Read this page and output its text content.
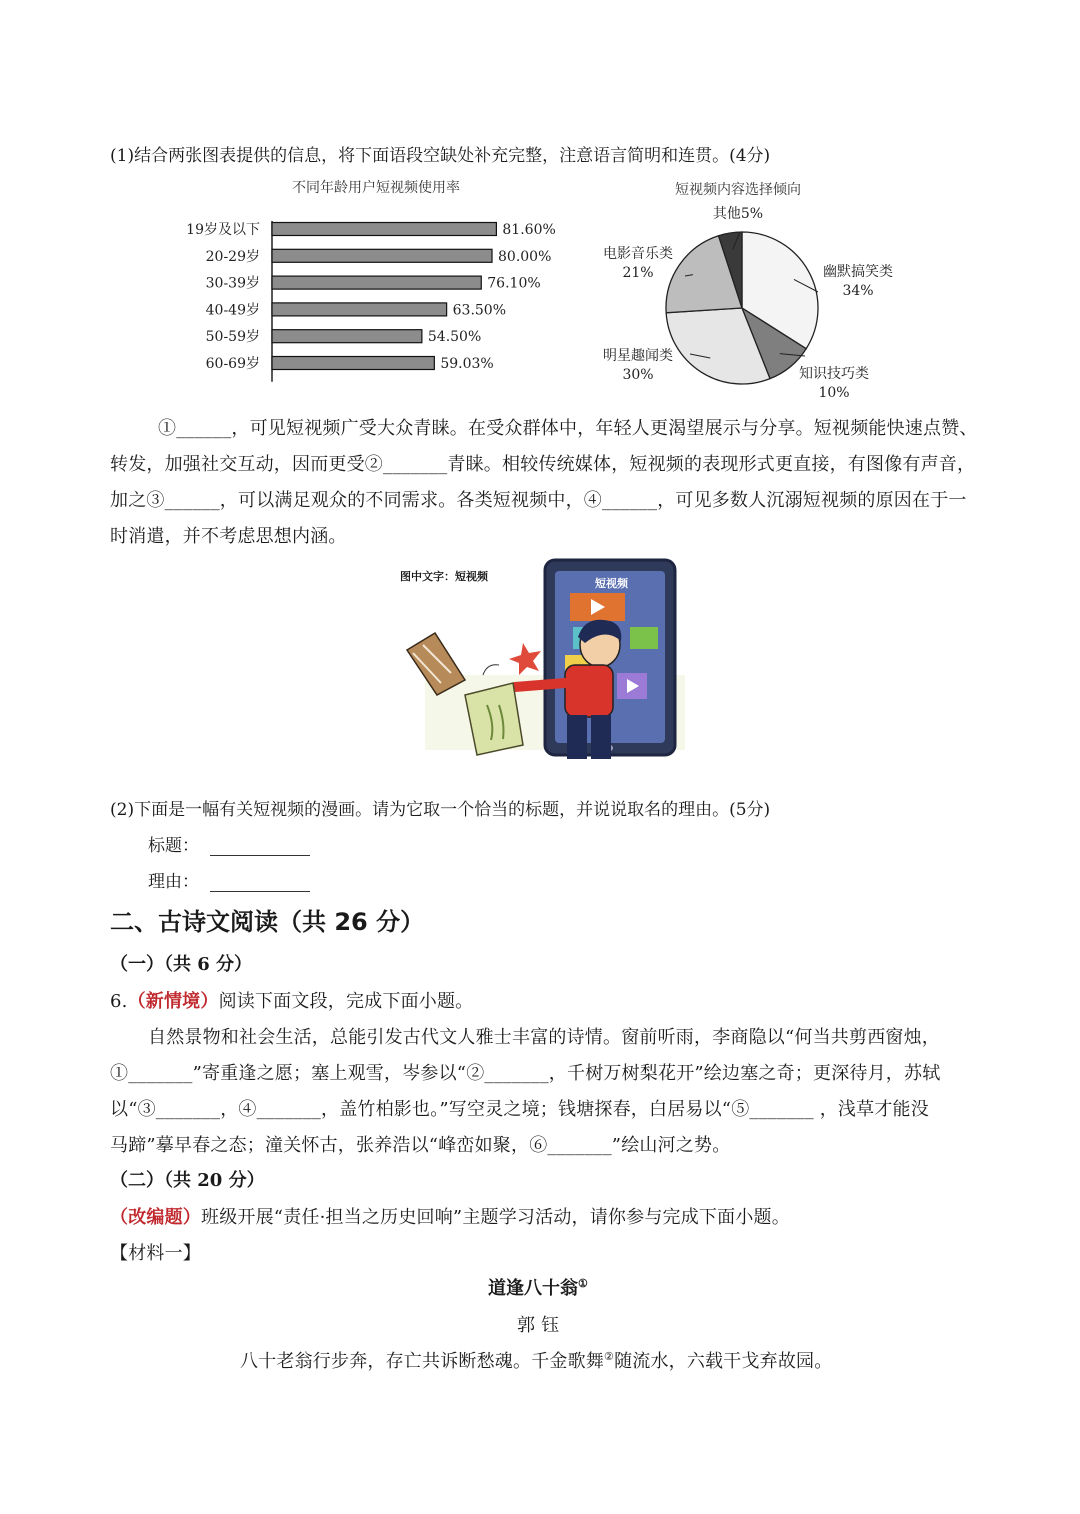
(1)结合两张图表提供的信息，将下面语段空缺处补充完整，注意语言简明和连贯。(4分)
不同年龄用户短视频使用率
19岁及以下	81.60%
20-29岁	80.00%
30-39岁	76.10%
40-49岁	63.50%
50-59岁	54.50%
60-69岁	59.03%
短视频内容选择倾向
幽默搞笑类
34%
知识技巧类
10%
明星趣闻类
30%
电影音乐类
21%
其他5%
①______，可见短视频广受大众青睐。在受众群体中，年轻人更渴望展示与分享。短视频能快速点赞、
转发，加强社交互动，因而更受②_______青睐。相较传统媒体，短视频的表现形式更直接，有图像有声音，
加之③______，可以满足观众的不同需求。各类短视频中，④______，可见多数人沉溺短视频的原因在于一
时消遣，并不考虑思想内涵。
图中文字：短视频
短视频
(2)下面是一幅有关短视频的漫画。请为它取一个恰当的标题，并说说取名的理由。(5分)
标题：
理由：
二、古诗文阅读（共 26 分）
（一）（共 6 分）
6.（新情境）阅读下面文段，完成下面小题。
自然景物和社会生活，总能引发古代文人雅士丰富的诗情。窗前听雨，李商隐以“何当共剪西窗烛，
①_______”寄重逢之愿；塞上观雪，岑参以“②_______，千树万树梨花开”绘边塞之奇；更深待月，苏轼
以“③_______，④_______，盖竹柏影也。”写空灵之境；钱塘探春，白居易以“⑤_______ ，浅草才能没
马蹄”摹早春之态；潼关怀古，张养浩以“峰峦如聚，⑥_______”绘山河之势。
（二）（共 20 分）
（改编题）班级开展“责任·担当之历史回响”主题学习活动，请你参与完成下面小题。
【材料一】
道逢八十翁①
郭 钰
八十老翁行步奔，存亡共诉断愁魂。千金歌舞②随流水，六载干戈弃故园。
